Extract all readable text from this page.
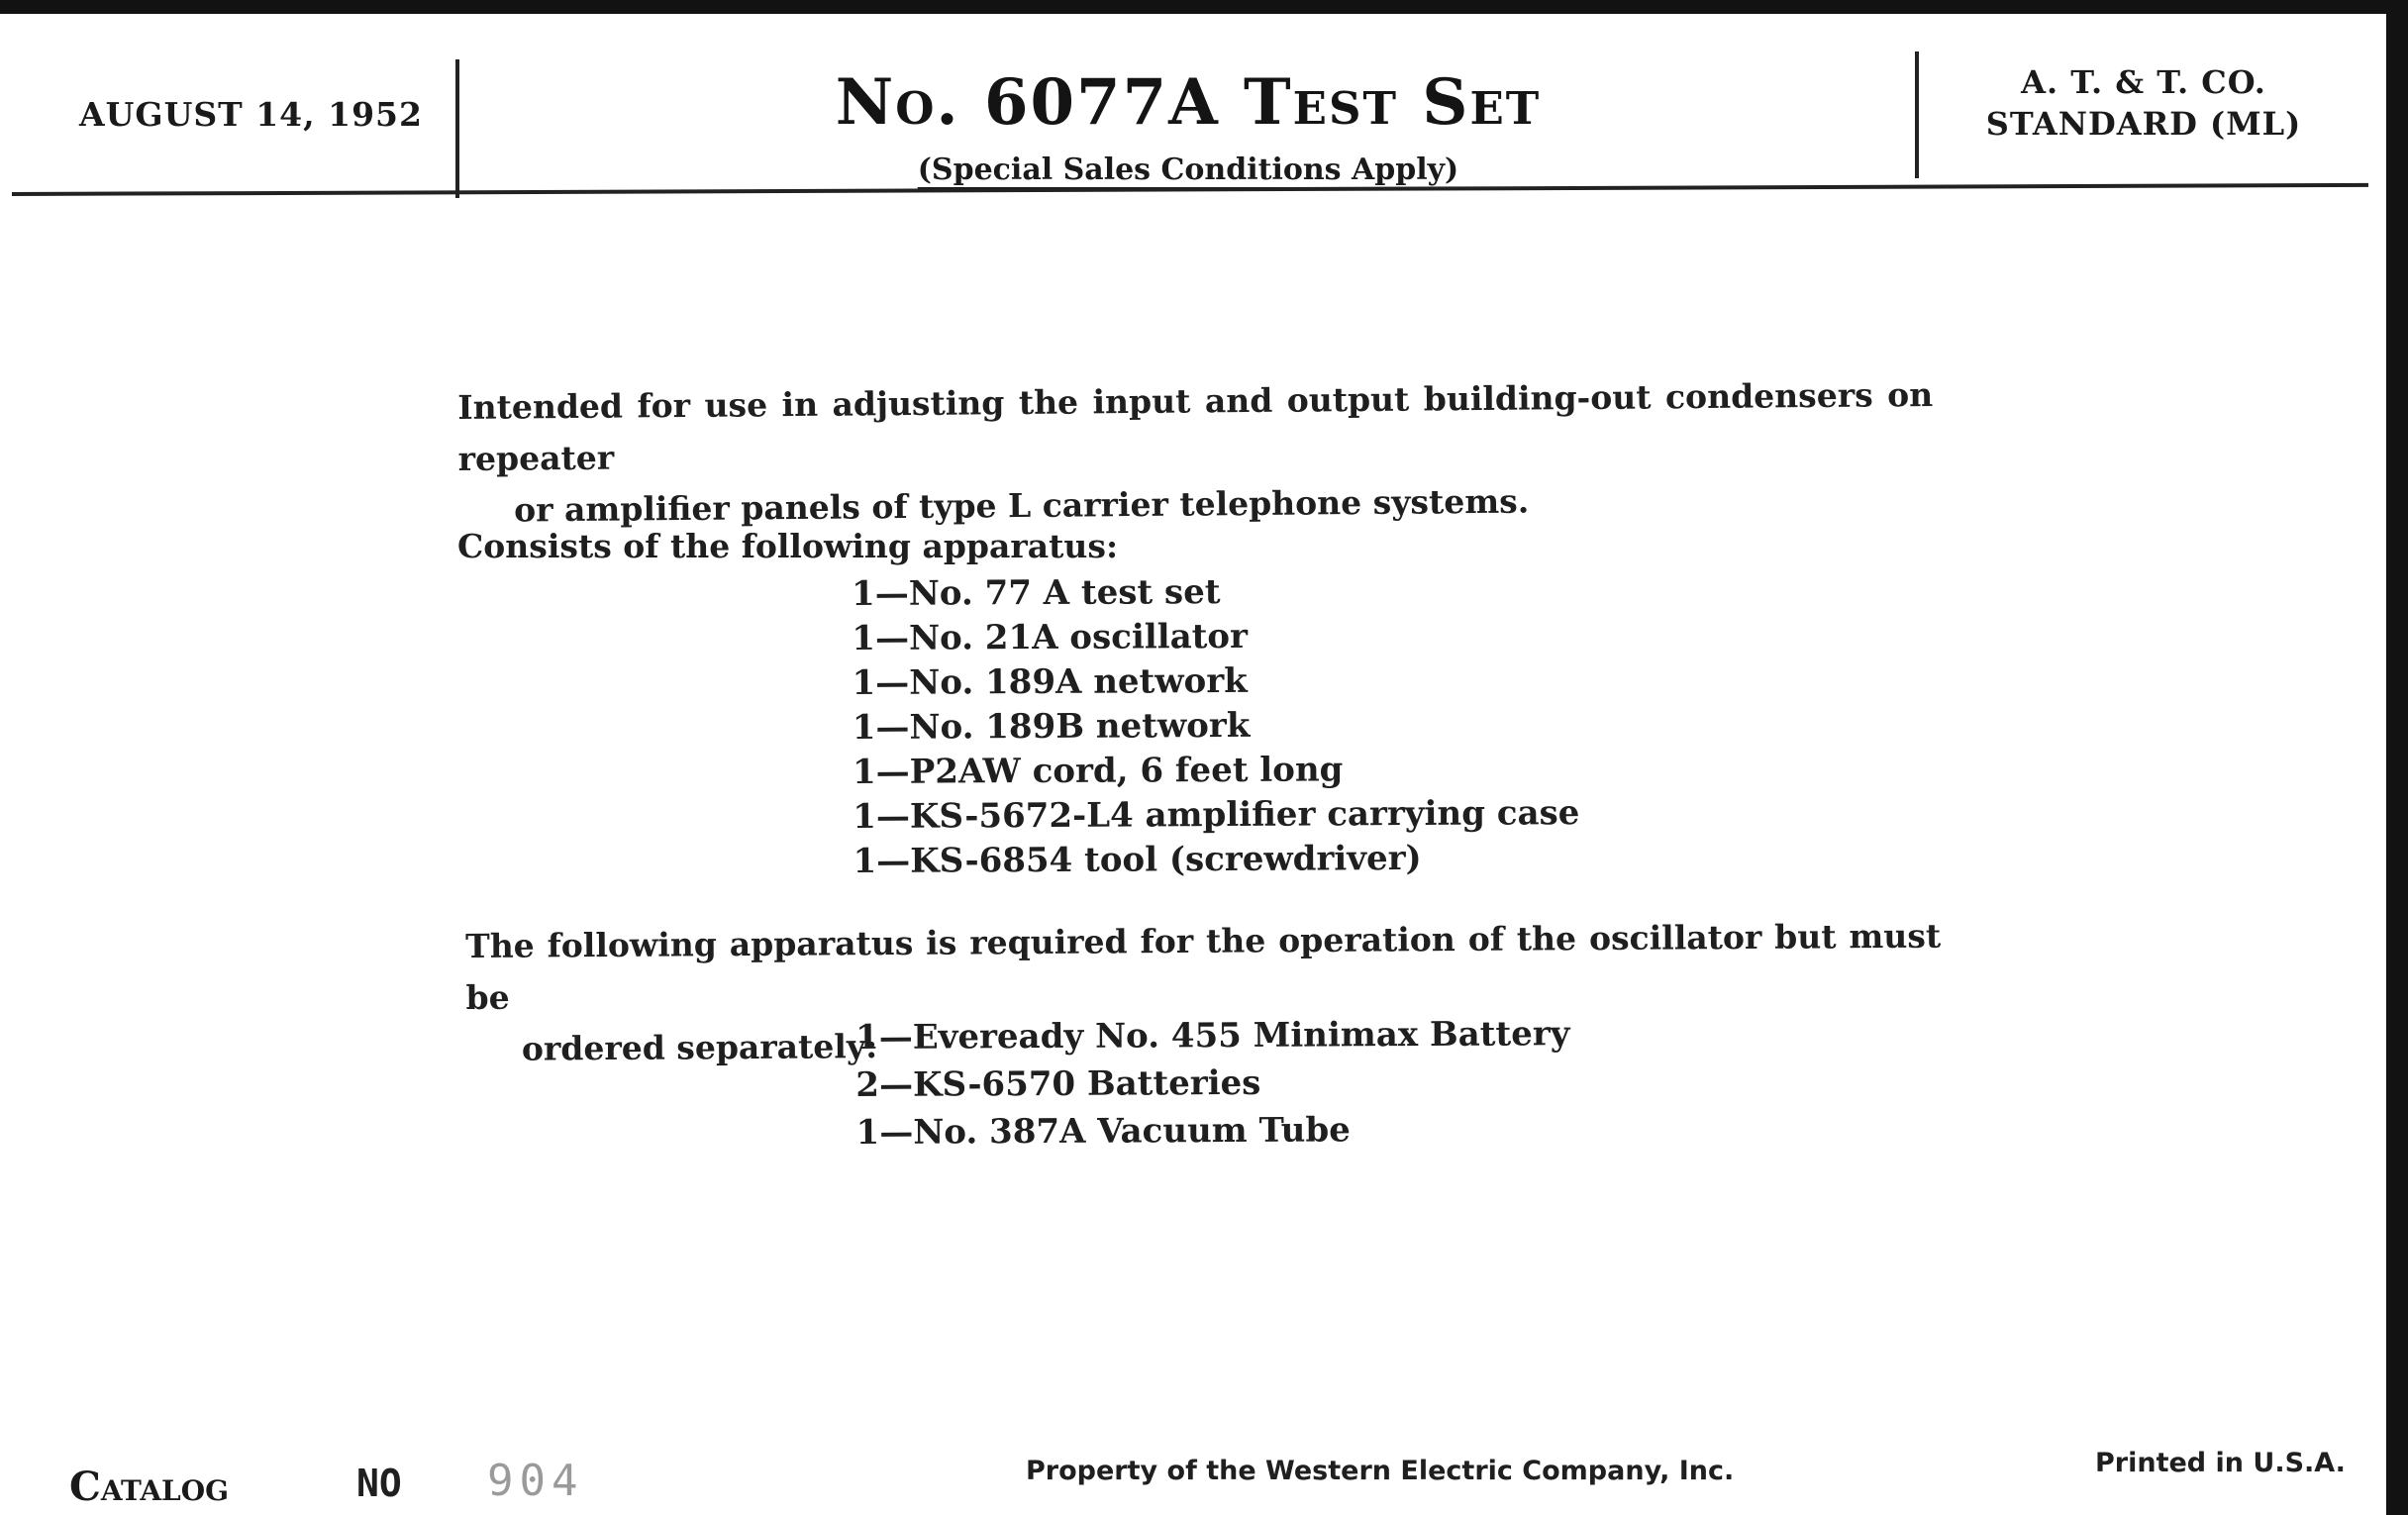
AUGUST 14, 1952	No. 6077A Test Set
(Special Sales Conditions Apply)
A. T. & T. CO.
STANDARD (ML)
Intended for use in adjusting the input and output building-out condensers on repeater
or amplifier panels of type L carrier telephone systems.
Consists of the following apparatus:
1—No. 77 A test set
1—No. 21A oscillator
1—No. 189A network
1—No. 189B network
1—P2AW cord, 6 feet long
1—KS-5672-L4 amplifier carrying case
1—KS-6854 tool (screwdriver)
The following apparatus is required for the operation of the oscillator but must be
ordered separately:
1—Eveready No. 455 Minimax Battery
2—KS-6570 Batteries
1—No. 387A Vacuum Tube
Catalog	NO 904	Property of the Western Electric Company, Inc.	Printed in U.S.A.
